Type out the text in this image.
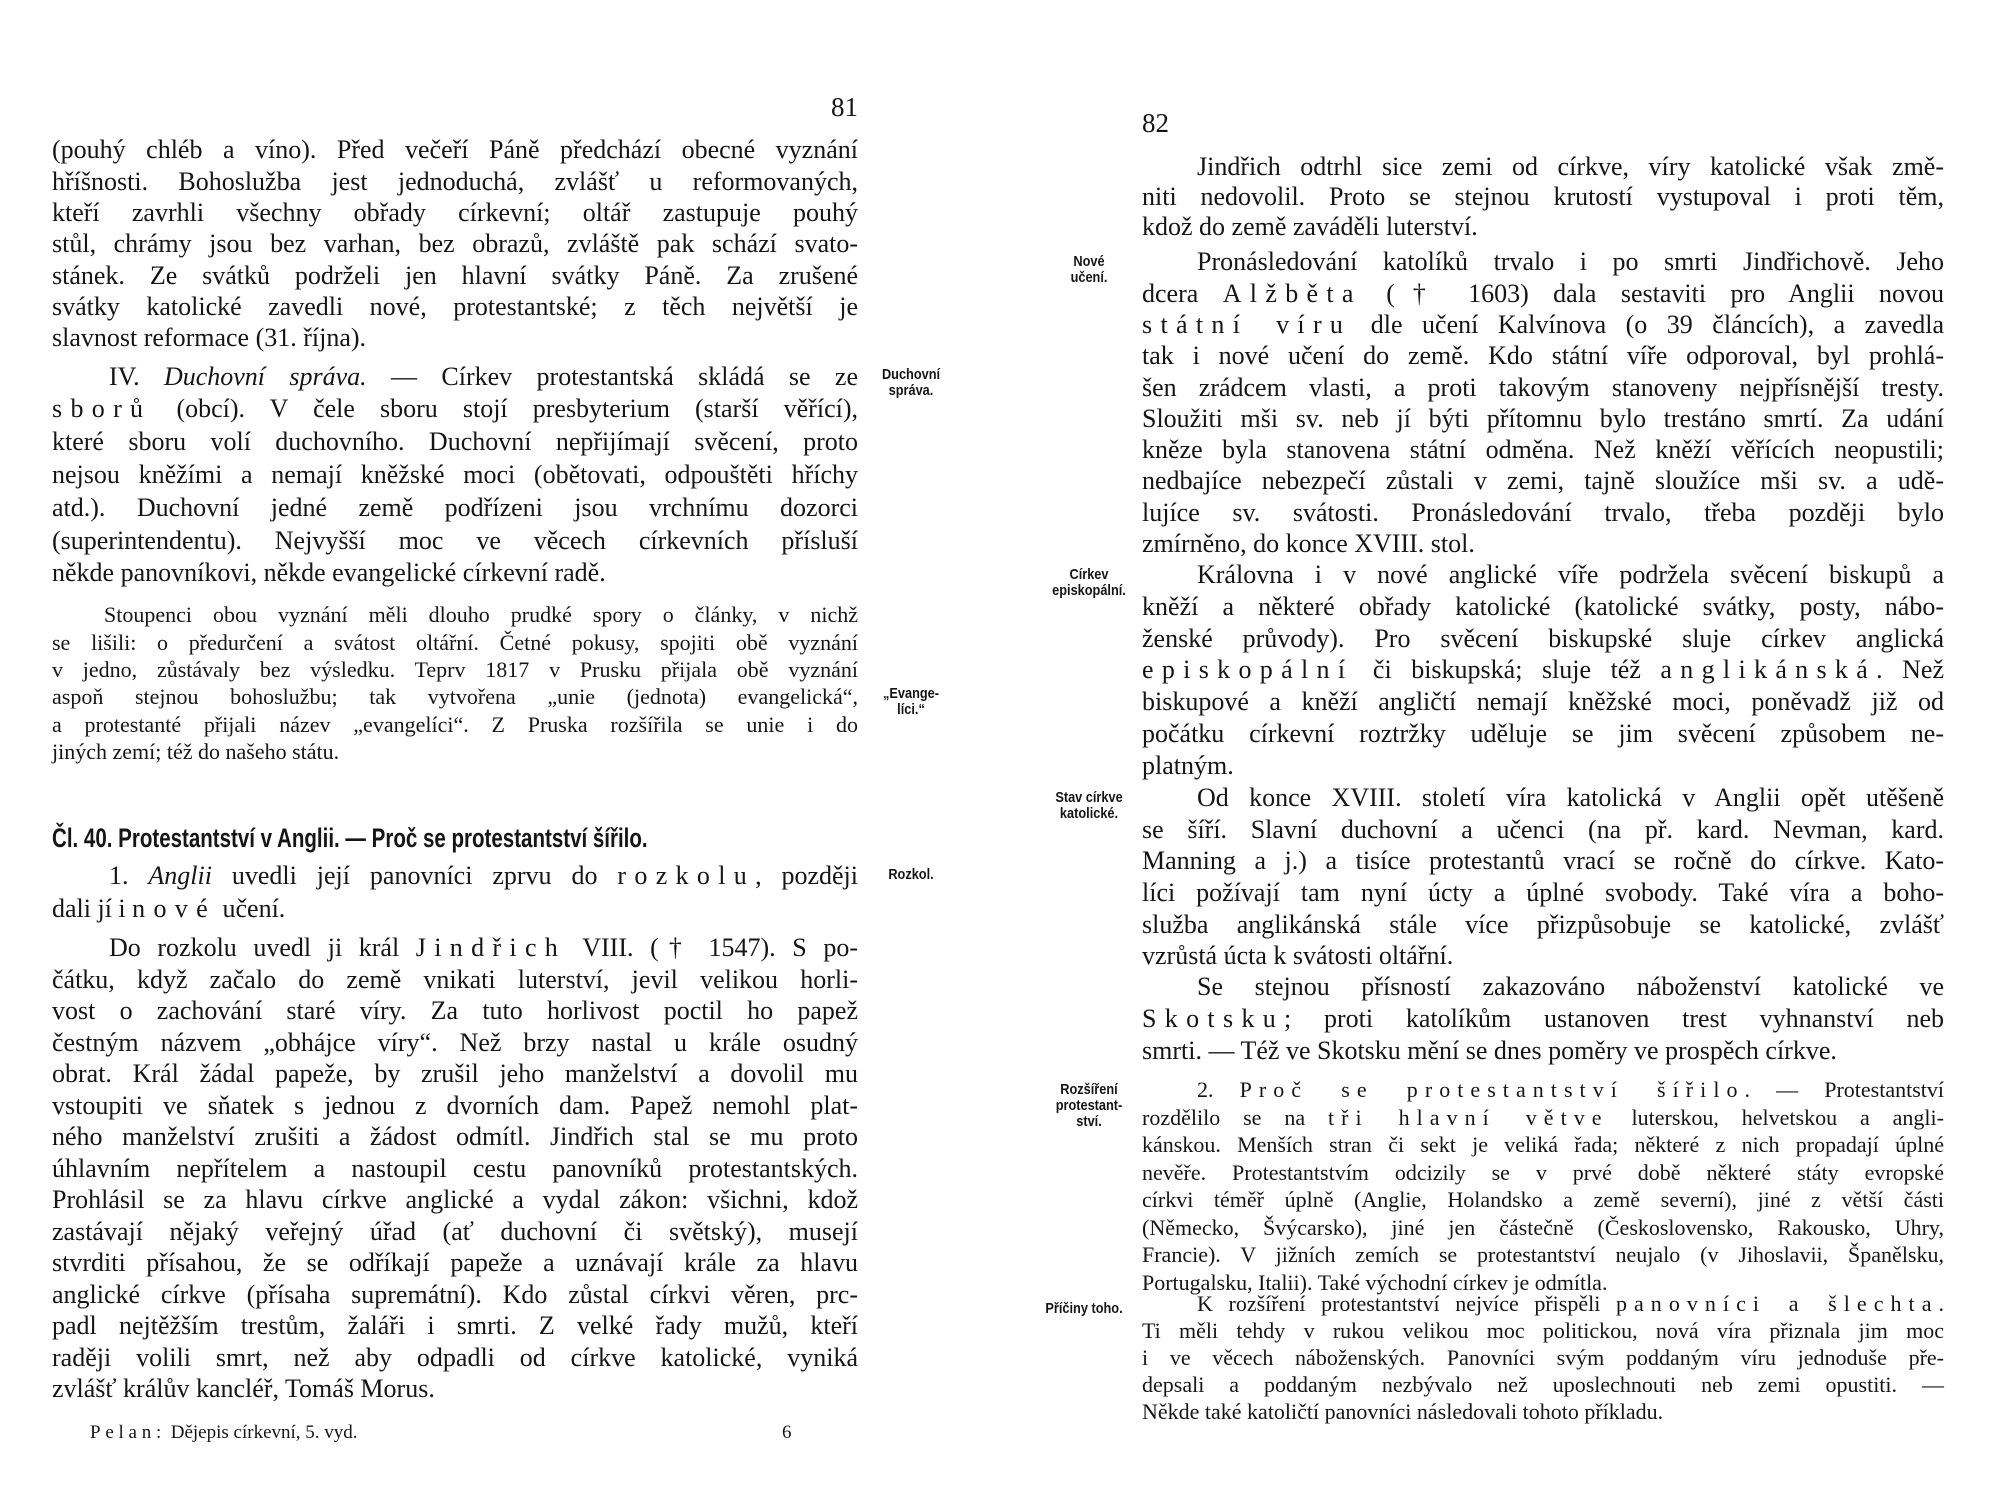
81
Čl. 40. Protestantství v Anglii. — Proč se protestantství šířilo.
Pelan: Dějepis církevní, 5. vyd.	6
(pouhý chléb a víno). Před večeří Páně předchází obecné vyznání
hříšnosti. Bohoslužba jest jednoduchá, zvlášť u reformovaných,
kteří zavrhli všechny obřady církevní; oltář zastupuje pouhý
stůl, chrámy jsou bez varhan, bez obrazů, zvláště pak schází svato-
stánek. Ze svátků podrželi jen hlavní svátky Páně. Za zrušené
svátky katolické zavedli nové, protestantské; z těch největší je
slavnost reformace (31. října).
IV. Duchovní správa. — Církev protestantská skládá se ze
sborů (obcí). V čele sboru stojí presbyterium (starší věřící),
které sboru volí duchovního. Duchovní nepřijímají svěcení, proto
nejsou kněžími a nemají kněžské moci (obětovati, odpouštěti hříchy
atd.). Duchovní jedné země podřízeni jsou vrchnímu dozorci
(superintendentu). Nejvyšší moc ve věcech církevních přísluší
někde panovníkovi, někde evangelické církevní radě.
Stoupenci obou vyznání měli dlouho prudké spory o články, v nichž
se lišili: o předurčení a svátost oltářní. Četné pokusy, spojiti obě vyznání
v jedno, zůstávaly bez výsledku. Teprv 1817 v Prusku přijala obě vyznání
aspoň stejnou bohoslužbu; tak vytvořena „unie (jednota) evangelická“,
a protestanté přijali název „evangelíci“. Z Pruska rozšířila se unie i do
jiných zemí; též do našeho státu.
1. Anglii uvedli její panovníci zprvu do rozkolu, později
dali jí i nové učení.
Do rozkolu uvedl ji král Jindřich VIII. († 1547). S po-
čátku, když začalo do země vnikati luterství, jevil velikou horli-
vost o zachování staré víry. Za tuto horlivost poctil ho papež
čestným názvem „obhájce víry“. Než brzy nastal u krále osudný
obrat. Král žádal papeže, by zrušil jeho manželství a dovolil mu
vstoupiti ve sňatek s jednou z dvorních dam. Papež nemohl plat-
ného manželství zrušiti a žádost odmítl. Jindřich stal se mu proto
úhlavním nepřítelem a nastoupil cestu panovníků protestantských.
Prohlásil se za hlavu církve anglické a vydal zákon: všichni, kdož
zastávají nějaký veřejný úřad (ať duchovní či světský), musejí
stvrditi přísahou, že se odříkají papeže a uznávají krále za hlavu
anglické církve (přísaha supremátní). Kdo zůstal církvi věren, prc-
padl nejtěžším trestům, žaláři i smrti. Z velké řady mužů, kteří
raději volili smrt, než aby odpadli od církve katolické, vyniká
zvlášť králův kancléř, Tomáš Morus.
Duchovní
správa.
„Evange-
líci.“
Rozkol.
82
Jindřich odtrhl sice zemi od církve, víry katolické však změ-
niti nedovolil. Proto se stejnou krutostí vystupoval i proti těm,
kdož do země zaváděli luterství.
Pronásledování katolíků trvalo i po smrti Jindřichově. Jeho
dcera Alžběta († 1603) dala sestaviti pro Anglii novou
státní víru dle učení Kalvínova (o 39 článcích), a zavedla
tak i nové učení do země. Kdo státní víře odporoval, byl prohlá-
šen zrádcem vlasti, a proti takovým stanoveny nejpřísnější tresty.
Sloužiti mši sv. neb jí býti přítomnu bylo trestáno smrtí. Za udání
kněze byla stanovena státní odměna. Než kněží věřících neopustili;
nedbajíce nebezpečí zůstali v zemi, tajně sloužíce mši sv. a udě-
lujíce sv. svátosti. Pronásledování trvalo, třeba později bylo
zmírněno, do konce XVIII. stol.
Královna i v nové anglické víře podržela svěcení biskupů a
kněží a některé obřady katolické (katolické svátky, posty, nábo-
ženské průvody). Pro svěcení biskupské sluje církev anglická
episkopální či biskupská; sluje též anglikánská. Než
biskupové a kněží angličtí nemají kněžské moci, poněvadž již od
počátku církevní roztržky uděluje se jim svěcení způsobem ne-
platným.
Od konce XVIII. století víra katolická v Anglii opět utěšeně
se šíří. Slavní duchovní a učenci (na př. kard. Nevman, kard.
Manning a j.) a tisíce protestantů vrací se ročně do církve. Kato-
líci požívají tam nyní úcty a úplné svobody. Také víra a boho-
služba anglikánská stále více přizpůsobuje se katolické, zvlášť
vzrůstá úcta k svátosti oltářní.
Se stejnou přísností zakazováno náboženství katolické ve
Skotsku; proti katolíkům ustanoven trest vyhnanství neb
smrti. — Též ve Skotsku mění se dnes poměry ve prospěch církve.
2. Proč se protestantství šířilo. — Protestantství
rozdělilo se na tři hlavní větve luterskou, helvetskou a angli-
kánskou. Menších stran či sekt je veliká řada; některé z nich propadají úplné
nevěře. Protestantstvím odcizily se v prvé době některé státy evropské
církvi téměř úplně (Anglie, Holandsko a země severní), jiné z větší části
(Německo, Švýcarsko), jiné jen částečně (Československo, Rakousko, Uhry,
Francie). V jižních zemích se protestantství neujalo (v Jihoslavii, Španělsku,
Portugalsku, Italii). Také východní církev je odmítla.
K rozšíření protestantství nejvíce přispěli panovníci a šlechta.
Ti měli tehdy v rukou velikou moc politickou, nová víra přiznala jim moc
i ve věcech náboženských. Panovníci svým poddaným víru jednoduše pře-
depsali a poddaným nezbývalo než uposlechnouti neb zemi opustiti. —
Někde také katoličtí panovníci následovali tohoto příkladu.
Nové
učení.
Církev
episkopální.
Stav církve
katolické.
Rozšíření
protestant-
ství.
Příčiny toho.
